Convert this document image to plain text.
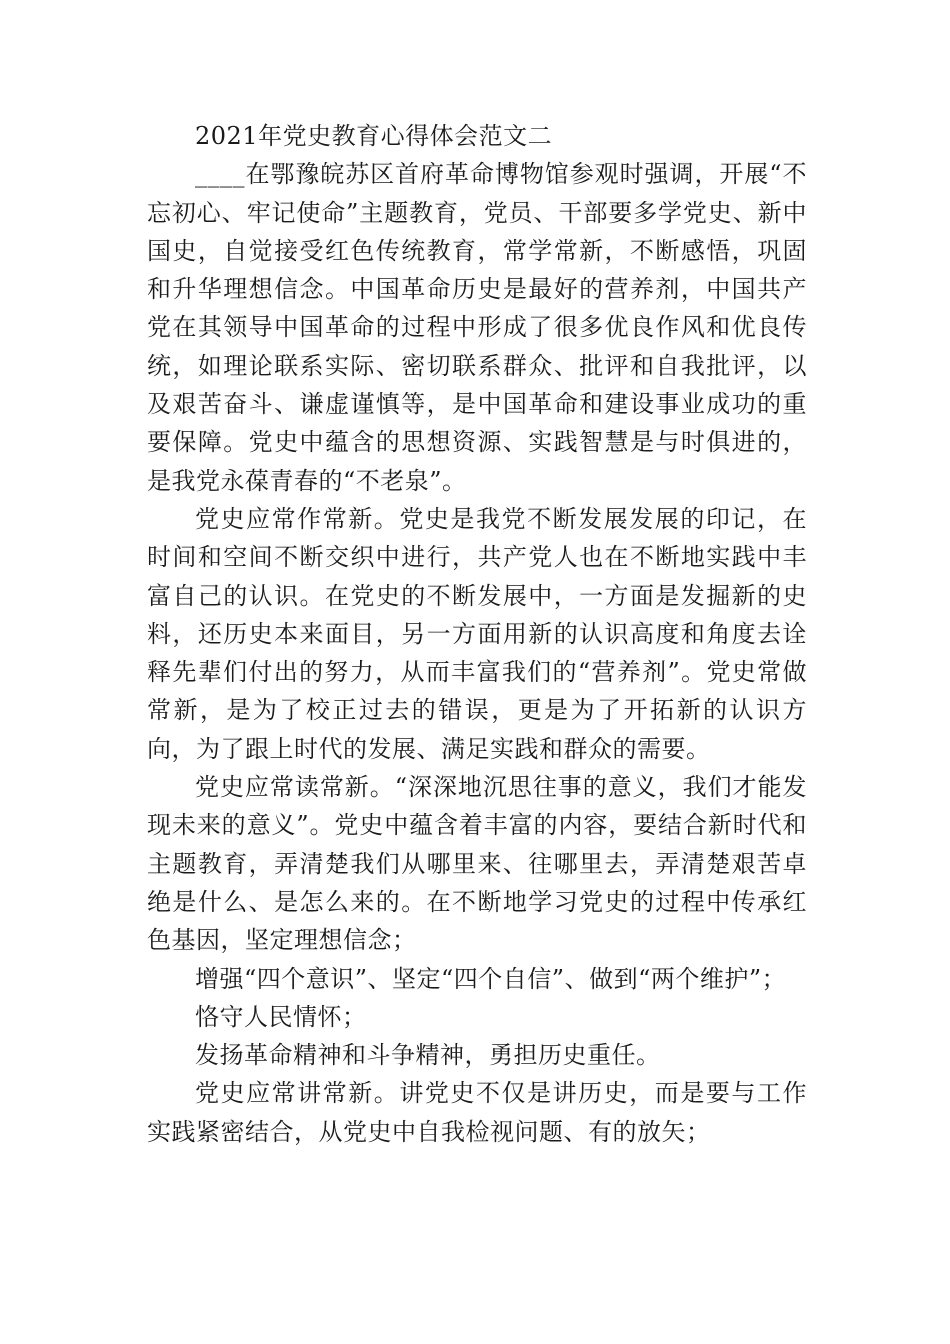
2021年党史教育心得体会范文二

____在鄂豫皖苏区首府革命博物馆参观时强调，开展“不忘初心、牢记使命”主题教育，党员、干部要多学党史、新中国史，自觉接受红色传统教育，常学常新，不断感悟，巩固和升华理想信念。中国革命历史是最好的营养剂，中国共产党在其领导中国革命的过程中形成了很多优良作风和优良传统，如理论联系实际、密切联系群众、批评和自我批评，以及艰苦奋斗、谦虚谨慎等，是中国革命和建设事业成功的重要保障。党史中蕴含的思想资源、实践智慧是与时俱进的，是我党永葆青春的“不老泉”。

党史应常作常新。党史是我党不断发展发展的印记，在时间和空间不断交织中进行，共产党人也在不断地实践中丰富自己的认识。在党史的不断发展中，一方面是发掘新的史料，还历史本来面目，另一方面用新的认识高度和角度去诠释先辈们付出的努力，从而丰富我们的“营养剂”。党史常做常新，是为了校正过去的错误，更是为了开拓新的认识方向，为了跟上时代的发展、满足实践和群众的需要。

党史应常读常新。“深深地沉思往事的意义，我们才能发现未来的意义”。党史中蕴含着丰富的内容，要结合新时代和主题教育，弄清楚我们从哪里来、往哪里去，弄清楚艰苦卓绝是什么、是怎么来的。在不断地学习党史的过程中传承红色基因，坚定理想信念；

增强“四个意识”、坚定“四个自信”、做到“两个维护”；

恪守人民情怀；

发扬革命精神和斗争精神，勇担历史重任。

党史应常讲常新。讲党史不仅是讲历史，而是要与工作实践紧密结合，从党史中自我检视问题、有的放矢；
